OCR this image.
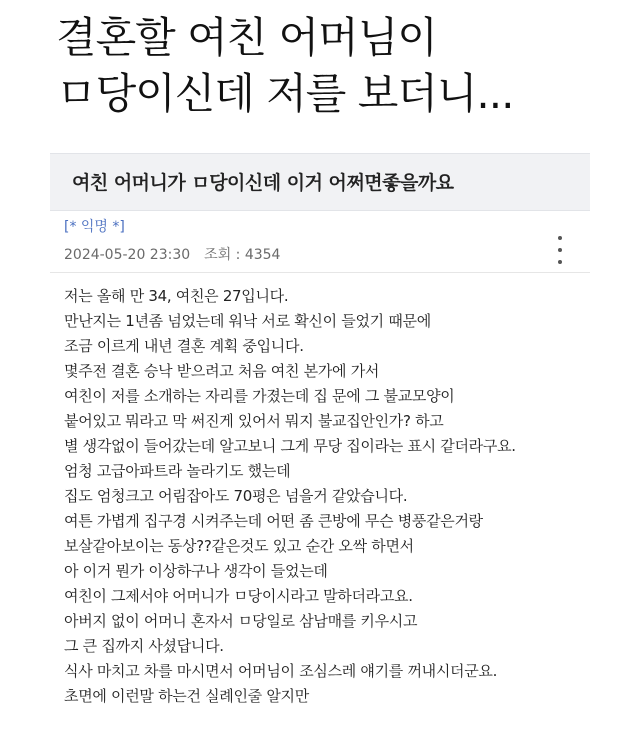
결혼할 여친 어머님이
ㅁ당이신데 저를 보더니...
여친 어머니가 ㅁ당이신데 이거 어쩌면좋을까요
[* 익명 *]
2024-05-20 23:30 조회 : 4354
저는 올해 만 34, 여친은 27입니다.
만난지는 1년좀 넘었는데 워낙 서로 확신이 들었기 때문에
조금 이르게 내년 결혼 계획 중입니다.
몇주전 결혼 승낙 받으려고 처음 여친 본가에 가서
여친이 저를 소개하는 자리를 가졌는데 집 문에 그 불교모양이
붙어있고 뭐라고 막 써진게 있어서 뭐지 불교집안인가? 하고
별 생각없이 들어갔는데 알고보니 그게 무당 집이라는 표시 같더라구요.
엄청 고급아파트라 놀라기도 했는데
집도 엄청크고 어림잡아도 70평은 넘을거 같았습니다.
여튼 가볍게 집구경 시켜주는데 어떤 좀 큰방에 무슨 병풍같은거랑
보살같아보이는 동상??같은것도 있고 순간 오싹 하면서
아 이거 뭔가 이상하구나 생각이 들었는데
여친이 그제서야 어머니가 ㅁ당이시라고 말하더라고요.
아버지 없이 어머니 혼자서 ㅁ당일로 삼남매를 키우시고
그 큰 집까지 사셨답니다.
식사 마치고 차를 마시면서 어머님이 조심스레 얘기를 꺼내시더군요.
초면에 이런말 하는건 실례인줄 알지만
